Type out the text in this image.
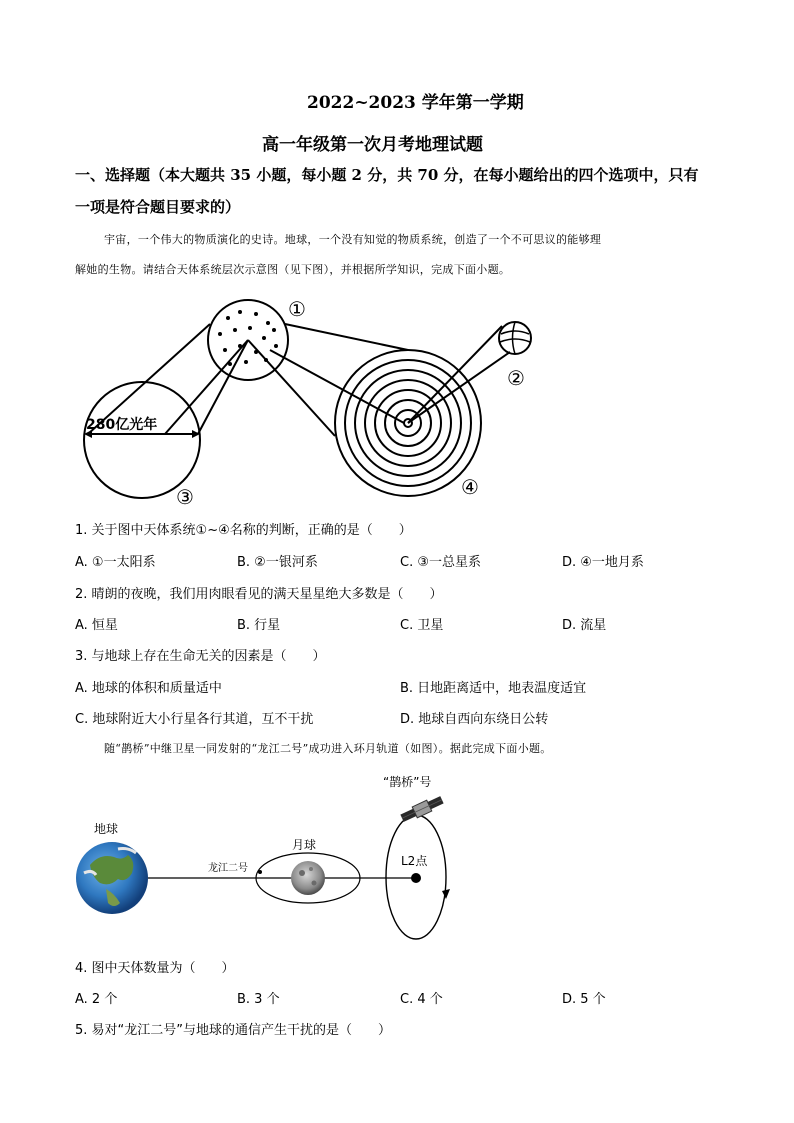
2022~2023 学年第一学期
高一年级第一次月考地理试题
一、选择题（本大题共 35 小题，每小题 2 分，共 70 分，在每小题给出的四个选项中，只有
一项是符合题目要求的）
宇宙，一个伟大的物质演化的史诗。地球，一个没有知觉的物质系统，创造了一个不可思议的能够理
解她的生物。请结合天体系统层次示意图（见下图），并根据所学知识，完成下面小题。
280亿光年
①
②
③	④
1. 关于图中天体系统①~④名称的判断，正确的是（　　）
A. ①一太阳系	B. ②一银河系	C. ③一总星系	D. ④一地月系
2. 晴朗的夜晚，我们用肉眼看见的满天星星绝大多数是（　　）
A. 恒星	B. 行星	C. 卫星	D. 流星
3. 与地球上存在生命无关的因素是（　　）
A. 地球的体积和质量适中	B. 日地距离适中，地表温度适宜
C. 地球附近大小行星各行其道，互不干扰	D. 地球自西向东绕日公转
随“鹊桥”中继卫星一同发射的“龙江二号”成功进入环月轨道（如图）。据此完成下面小题。
地球
月球
龙江二号
“鹊桥”号
L2点
4. 图中天体数量为（　　）
A. 2 个	B. 3 个	C. 4 个	D. 5 个
5. 易对“龙江二号”与地球的通信产生干扰的是（　　）
